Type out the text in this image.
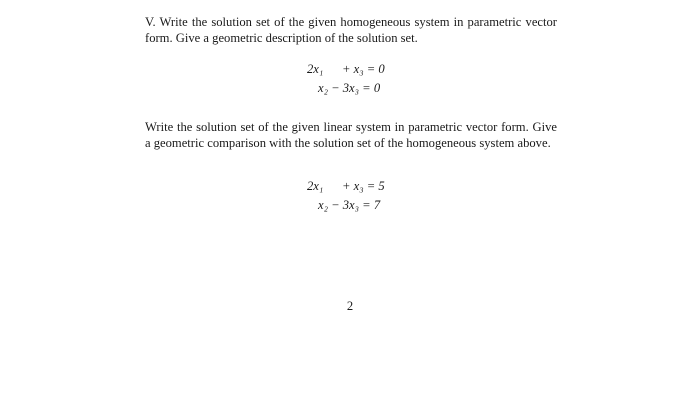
V. Write the solution set of the given homogeneous system in parametric vector form. Give a geometric description of the solution set.

2x₁ + x₃ = 0
x₂ − 3x₃ = 0

Write the solution set of the given linear system in parametric vector form. Give a geometric comparison with the solution set of the homogeneous system above.

2x₁ + x₃ = 5
x₂ − 3x₃ = 7
2
